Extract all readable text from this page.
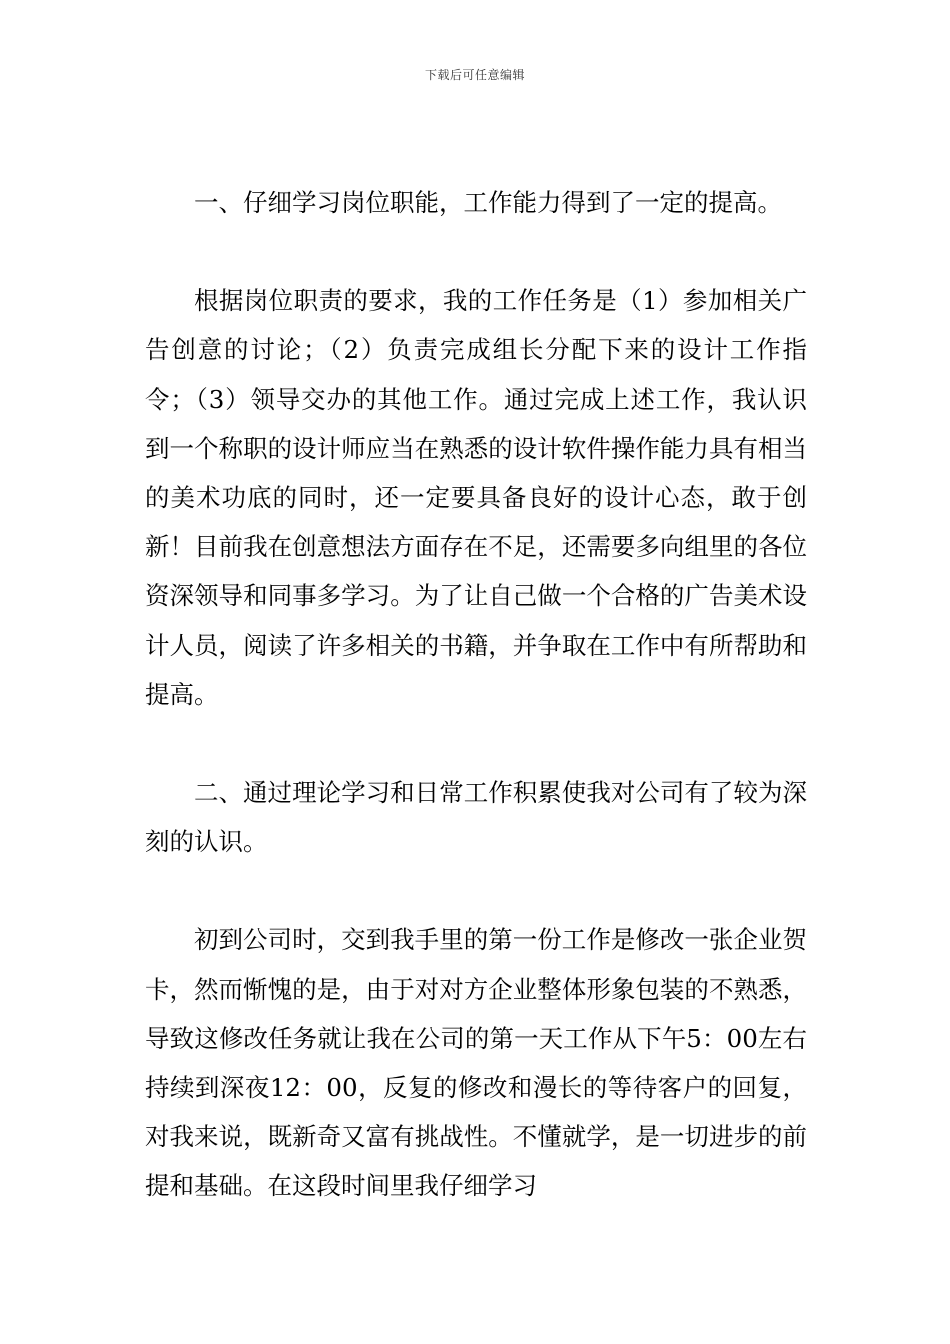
下载后可任意编辑

一、仔细学习岗位职能，工作能力得到了一定的提高。

根据岗位职责的要求，我的工作任务是（1）参加相关广告创意的讨论；（2）负责完成组长分配下来的设计工作指令；（3）领导交办的其他工作。通过完成上述工作，我认识到一个称职的设计师应当在熟悉的设计软件操作能力具有相当的美术功底的同时，还一定要具备良好的设计心态，敢于创新！目前我在创意想法方面存在不足，还需要多向组里的各位资深领导和同事多学习。为了让自己做一个合格的广告美术设计人员，阅读了许多相关的书籍，并争取在工作中有所帮助和提高。

二、通过理论学习和日常工作积累使我对公司有了较为深刻的认识。

初到公司时，交到我手里的第一份工作是修改一张企业贺卡，然而惭愧的是，由于对对方企业整体形象包装的不熟悉，导致这修改任务就让我在公司的第一天工作从下午5：00左右持续到深夜12：00，反复的修改和漫长的等待客户的回复，对我来说，既新奇又富有挑战性。不懂就学，是一切进步的前提和基础。在这段时间里我仔细学习
